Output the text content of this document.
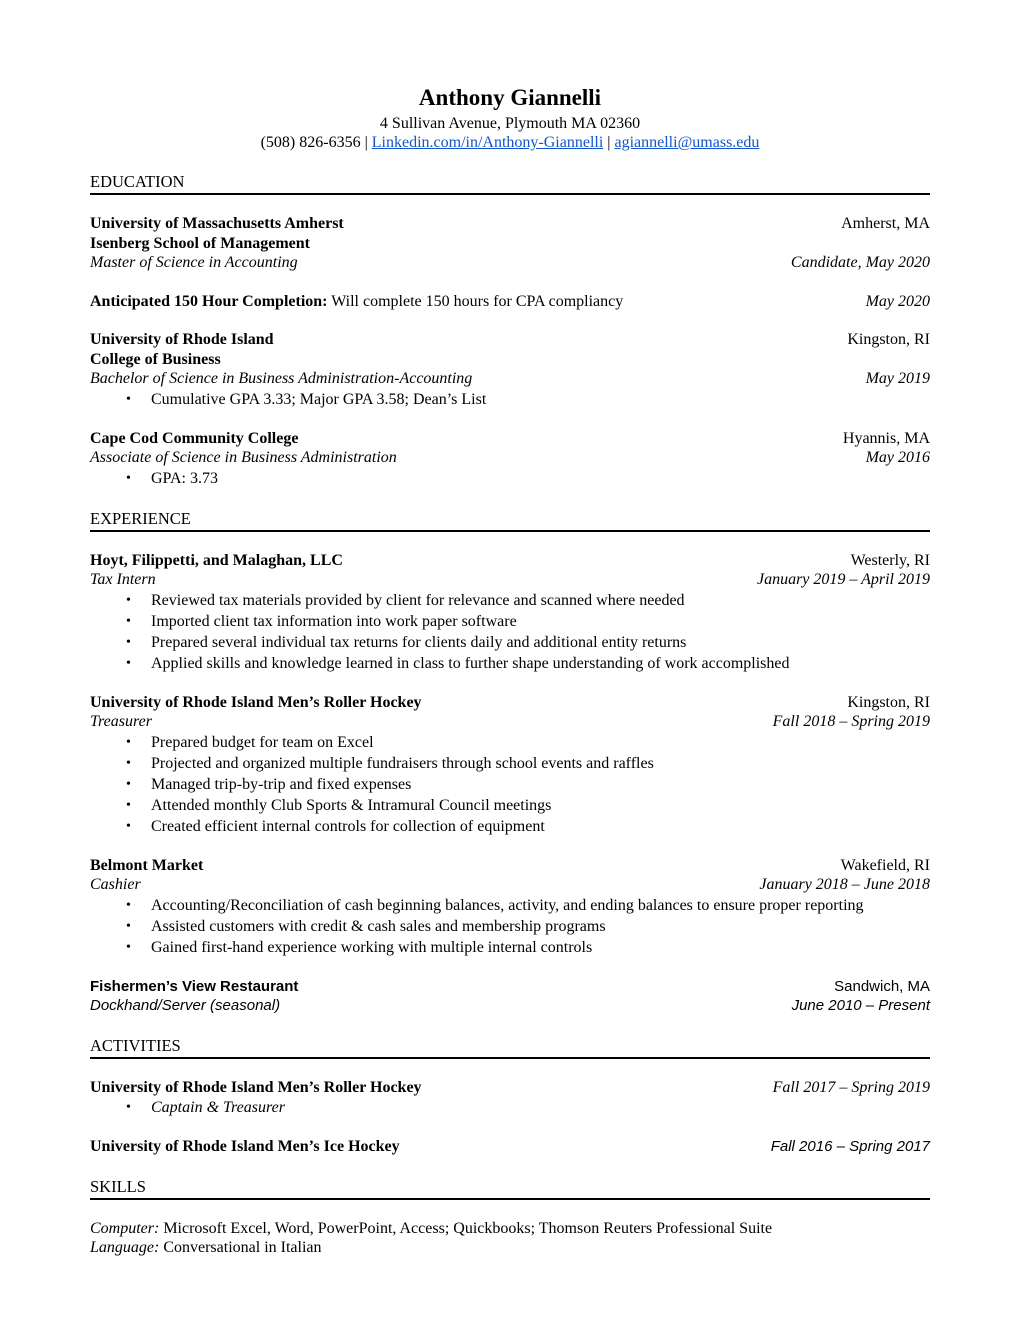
Anthony Giannelli
4 Sullivan Avenue, Plymouth MA 02360
(508) 826-6356 | Linkedin.com/in/Anthony-Giannelli | agiannelli@umass.edu
EDUCATION
University of Massachusetts Amherst	Amherst, MA
Isenberg School of Management
Master of Science in Accounting	Candidate, May 2020
Anticipated 150 Hour Completion: Will complete 150 hours for CPA compliancy	May 2020
University of Rhode Island	Kingston, RI
College of Business
Bachelor of Science in Business Administration-Accounting	May 2019
•	Cumulative GPA 3.33; Major GPA 3.58; Dean’s List
Cape Cod Community College	Hyannis, MA
Associate of Science in Business Administration	May 2016
•	GPA: 3.73
EXPERIENCE
Hoyt, Filippetti, and Malaghan, LLC	Westerly, RI
Tax Intern	January 2019 – April 2019
•	Reviewed tax materials provided by client for relevance and scanned where needed
•	Imported client tax information into work paper software
•	Prepared several individual tax returns for clients daily and additional entity returns
•	Applied skills and knowledge learned in class to further shape understanding of work accomplished
University of Rhode Island Men’s Roller Hockey	Kingston, RI
Treasurer	Fall 2018 – Spring 2019
•	Prepared budget for team on Excel
•	Projected and organized multiple fundraisers through school events and raffles
•	Managed trip-by-trip and fixed expenses
•	Attended monthly Club Sports & Intramural Council meetings
•	Created efficient internal controls for collection of equipment
Belmont Market	Wakefield, RI
Cashier	January 2018 – June 2018
•	Accounting/Reconciliation of cash beginning balances, activity, and ending balances to ensure proper reporting
•	Assisted customers with credit & cash sales and membership programs
•	Gained first-hand experience working with multiple internal controls
Fishermen’s View Restaurant	Sandwich, MA
Dockhand/Server (seasonal)	June 2010 – Present
ACTIVITIES
University of Rhode Island Men’s Roller Hockey	Fall 2017 – Spring 2019
•	Captain & Treasurer
University of Rhode Island Men’s Ice Hockey	Fall 2016 – Spring 2017
SKILLS
Computer: Microsoft Excel, Word, PowerPoint, Access; Quickbooks; Thomson Reuters Professional Suite
Language: Conversational in Italian
